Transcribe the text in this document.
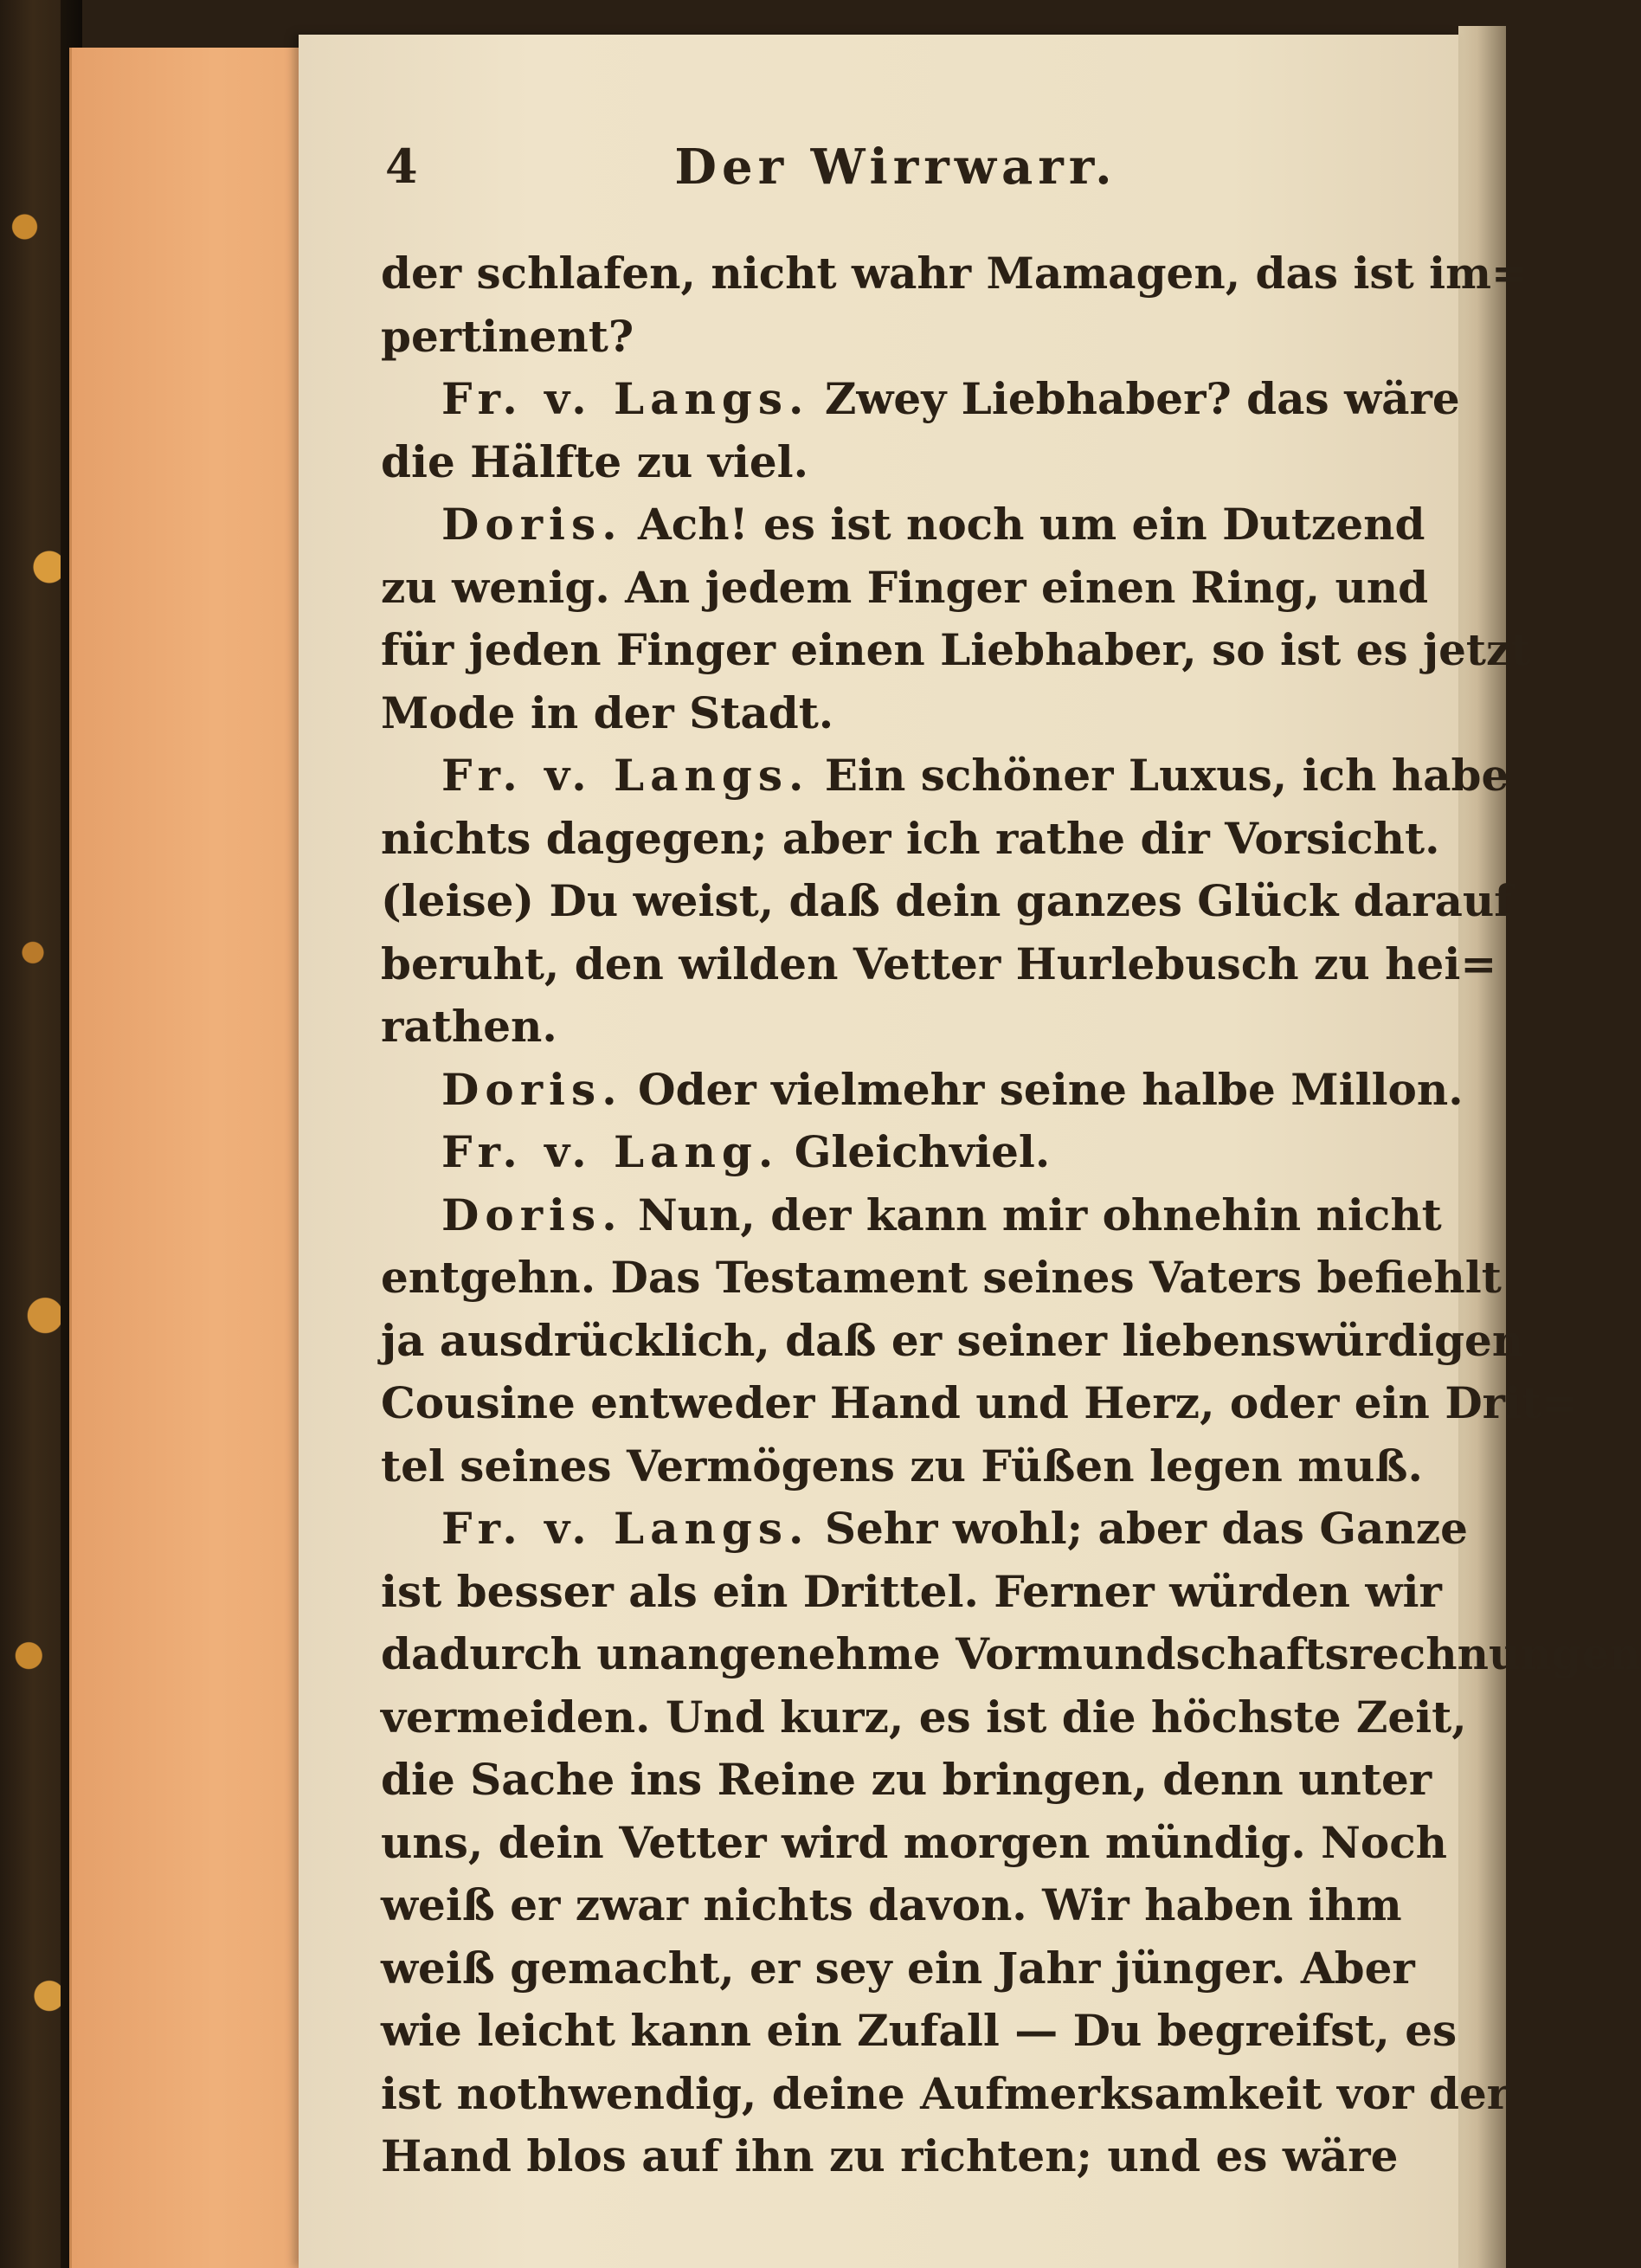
4	Der Wirrwarr.
der schlafen, nicht wahr Mamagen, das ist im=
pertinent?
Fr. v. Langs. Zwey Liebhaber? das wäre
die Hälfte zu viel.
Doris. Ach! es ist noch um ein Dutzend
zu wenig. An jedem Finger einen Ring, und
für jeden Finger einen Liebhaber, so ist es jetzt
Mode in der Stadt.
Fr. v. Langs. Ein schöner Luxus, ich habe
nichts dagegen; aber ich rathe dir Vorsicht.
(leise) Du weist, daß dein ganzes Glück darauf
beruht, den wilden Vetter Hurlebusch zu hei=
rathen.
Doris. Oder vielmehr seine halbe Millon.
Fr. v. Lang. Gleichviel.
Doris. Nun, der kann mir ohnehin nicht
entgehn. Das Testament seines Vaters befiehlt
ja ausdrücklich, daß er seiner liebenswürdigen
Cousine entweder Hand und Herz, oder ein Drit=
tel seines Vermögens zu Füßen legen muß.
Fr. v. Langs. Sehr wohl; aber das Ganze
ist besser als ein Drittel. Ferner würden wir
dadurch unangenehme Vormundschaftsrechnungen
vermeiden. Und kurz, es ist die höchste Zeit,
die Sache ins Reine zu bringen, denn unter
uns, dein Vetter wird morgen mündig. Noch
weiß er zwar nichts davon. Wir haben ihm
weiß gemacht, er sey ein Jahr jünger. Aber
wie leicht kann ein Zufall — Du begreifst, es
ist nothwendig, deine Aufmerksamkeit vor der
Hand blos auf ihn zu richten; und es wäre
